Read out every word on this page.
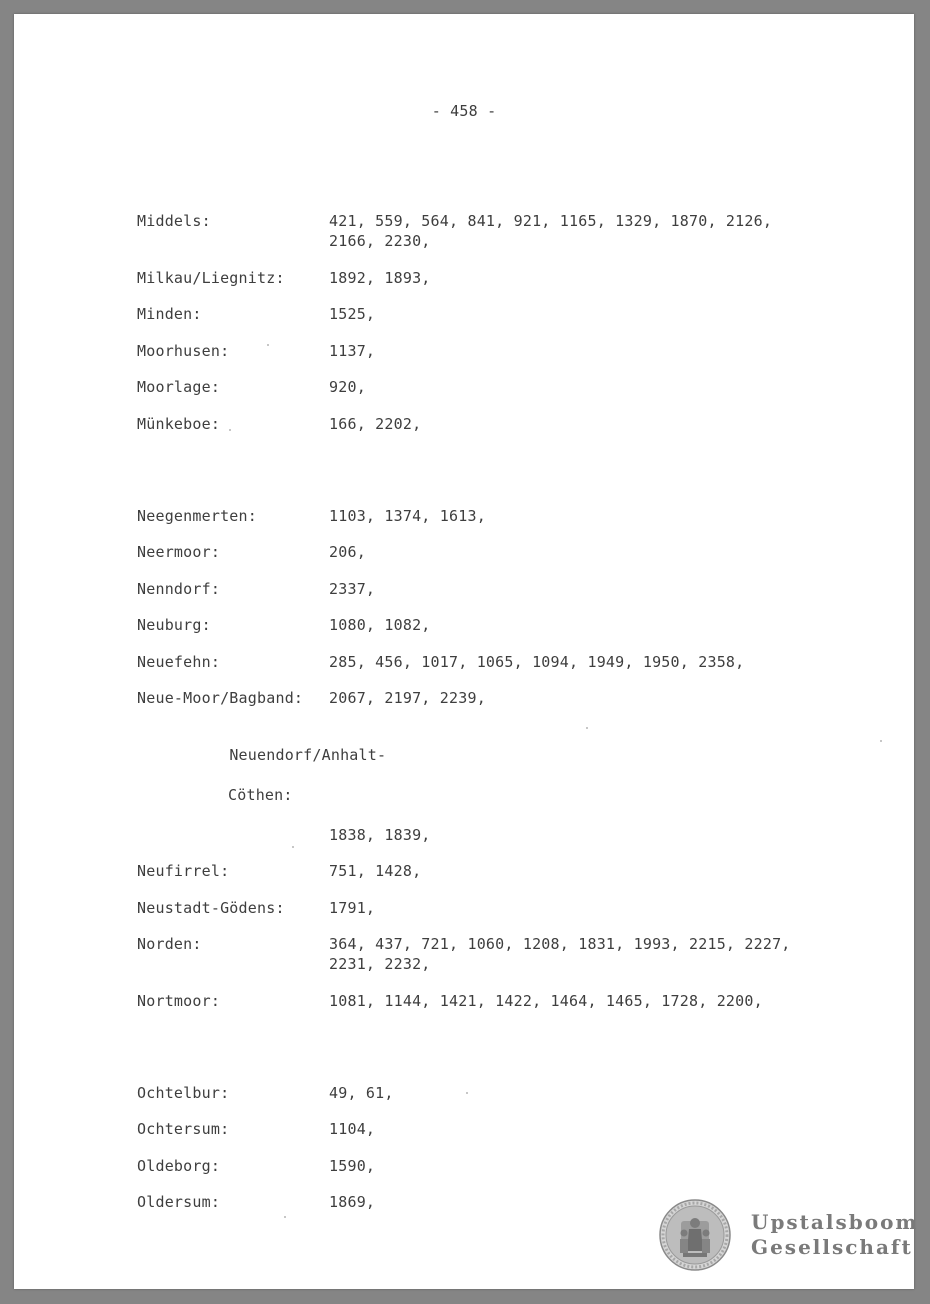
- 458 -
Middels:	421, 559, 564, 841, 921, 1165, 1329, 1870, 2126,
2166, 2230,
Milkau/Liegnitz:	1892, 1893,
Minden:	1525,
Moorhusen:	1137,
Moorlage:	920,
Münkeboe:	166, 2202,
Neegenmerten:	1103, 1374, 1613,
Neermoor:	206,
Nenndorf:	2337,
Neuburg:	1080, 1082,
Neuefehn:	285, 456, 1017, 1065, 1094, 1949, 1950, 2358,
Neue-Moor/Bagband:	2067, 2197, 2239,

Neuendorf/Anhalt-

Cöthen:

1838, 1839,
Neufirrel:	751, 1428,
Neustadt-Gödens:	1791,
Norden:	364, 437, 721, 1060, 1208, 1831, 1993, 2215, 2227,
2231, 2232,
Nortmoor:	1081, 1144, 1421, 1422, 1464, 1465, 1728, 2200,
Ochtelbur:	49, 61,
Ochtersum:	1104,
Oldeborg:	1590,
Oldersum:	1869,
Upstalsboom
Gesellschaft
